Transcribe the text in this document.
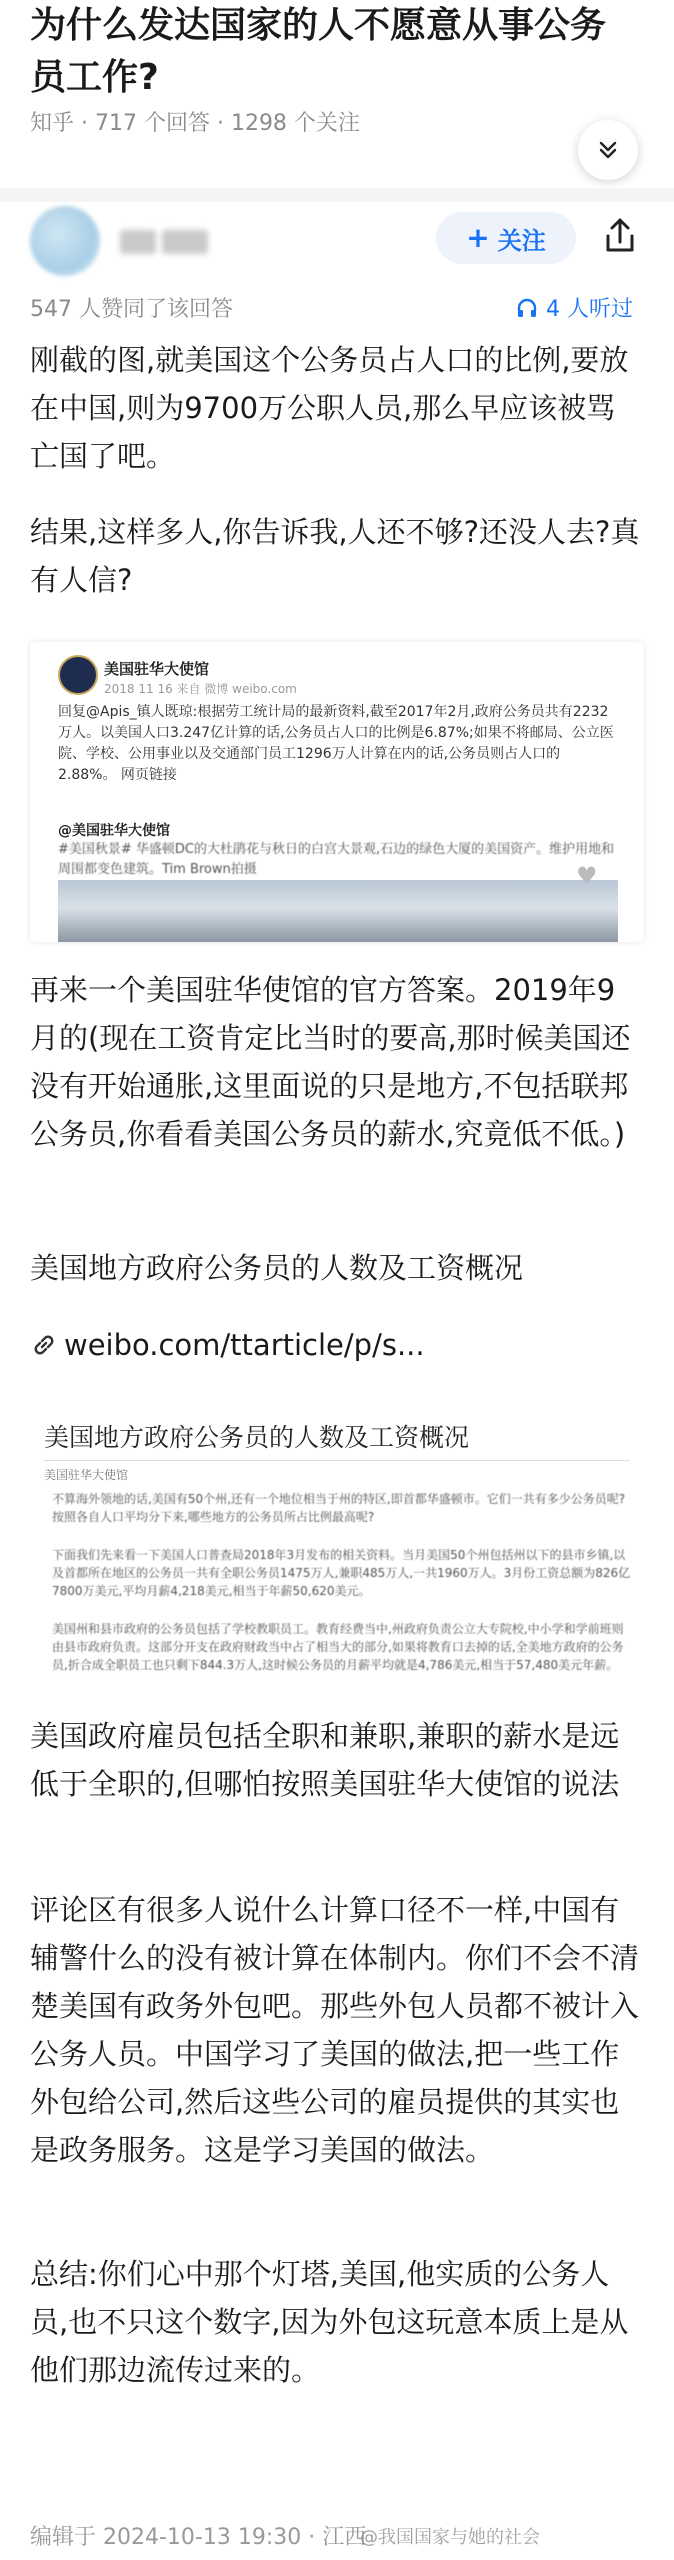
为什么发达国家的人不愿意从事公务员工作?
知乎 · 717 个回答 · 1298 个关注
+ 关注
547 人赞同了该回答	4 人听过

刚截的图,就美国这个公务员占人口的比例,要放在中国,则为9700万公职人员,那么早应该被骂亡国了吧。

结果,这样多人,你告诉我,人还不够?还没人去?真有人信?

美国驻华大使馆
2018 11 16 来自 微博 weibo.com

回复@Apis_镇人既琼:根据劳工统计局的最新资料,截至2017年2月,政府公务员共有2232万人。以美国人口3.247亿计算的话,公务员占人口的比例是6.87%;如果不将邮局、公立医院、学校、公用事业以及交通部门员工1296万人计算在内的话,公务员则占人口的2.88%。 网页链接

@美国驻华大使馆

#美国秋景# 华盛顿DC的大杜鹃花与秋日的白宫大景观,石边的绿色大厦的美国资产。维护用地和周围都变色建筑。Tim Brown拍摄	♥

再来一个美国驻华使馆的官方答案。2019年9月的(现在工资肯定比当时的要高,那时候美国还没有开始通胀,这里面说的只是地方,不包括联邦公务员,你看看美国公务员的薪水,究竟低不低。)

美国地方政府公务员的人数及工资概况

weibo.com/ttarticle/p/s...
美国地方政府公务员的人数及工资概况
美国驻华大使馆

不算海外领地的话,美国有50个州,还有一个地位相当于州的特区,即首都华盛顿市。它们一共有多少公务员呢?按照各自人口平均分下来,哪些地方的公务员所占比例最高呢?

下面我们先来看一下美国人口普查局2018年3月发布的相关资料。当月美国50个州包括州以下的县市乡镇,以及首都所在地区的公务员一共有全职公务员1475万人,兼职485万人,一共1960万人。3月份工资总额为826亿7800万美元,平均月薪4,218美元,相当于年薪50,620美元。

美国州和县市政府的公务员包括了学校教职员工。教育经费当中,州政府负责公立大专院校,中小学和学前班则由县市政府负责。这部分开支在政府财政当中占了相当大的部分,如果将教育口去掉的话,全美地方政府的公务员,折合成全职员工也只剩下844.3万人,这时候公务员的月薪平均就是4,786美元,相当于57,480美元年薪。

美国政府雇员包括全职和兼职,兼职的薪水是远低于全职的,但哪怕按照美国驻华大使馆的说法

评论区有很多人说什么计算口径不一样,中国有辅警什么的没有被计算在体制内。你们不会不清楚美国有政务外包吧。那些外包人员都不被计入公务人员。中国学习了美国的做法,把一些工作外包给公司,然后这些公司的雇员提供的其实也是政务服务。这是学习美国的做法。

总结:你们心中那个灯塔,美国,他实质的公务人员,也不只这个数字,因为外包这玩意本质上是从他们那边流传过来的。

编辑于 2024-10-13 19:30 · 江西
@我国国家与她的社会
